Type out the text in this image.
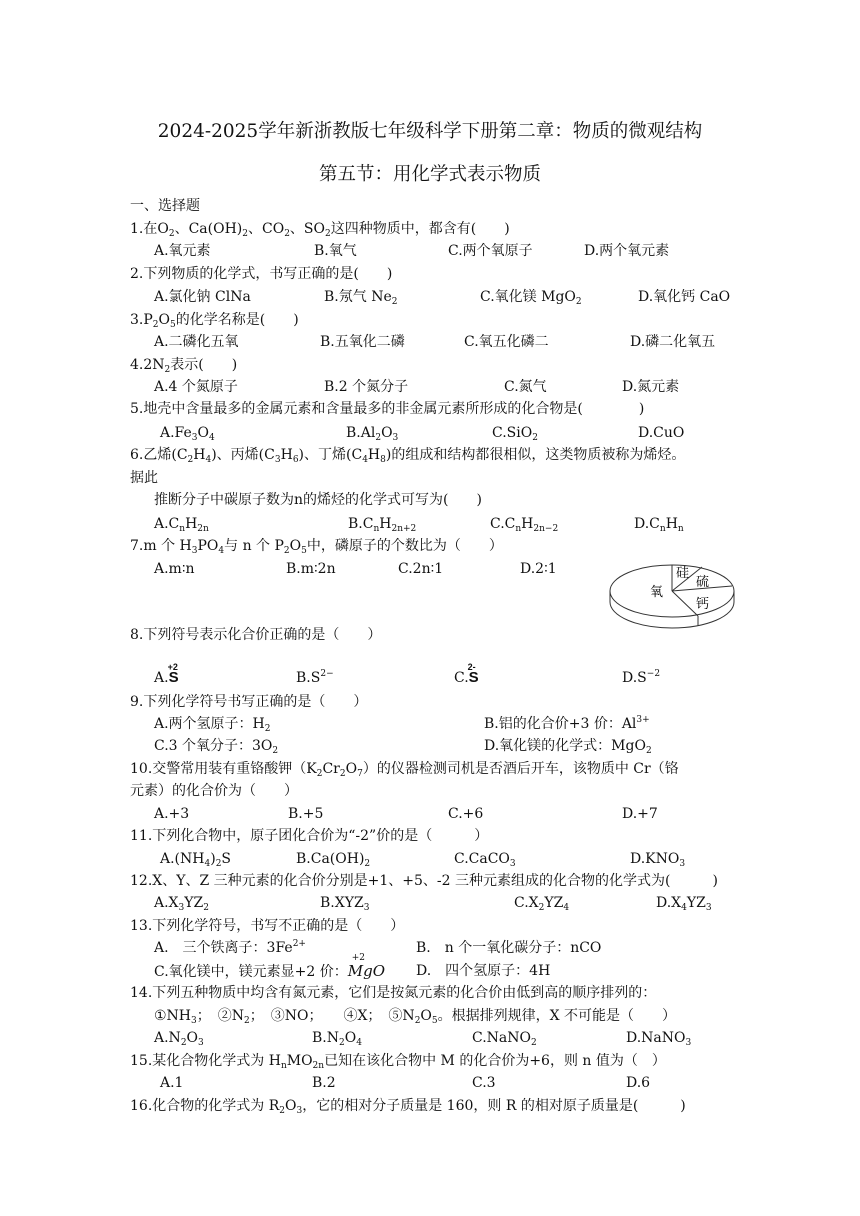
2024-2025学年新浙教版七年级科学下册第二章：物质的微观结构
第五节：用化学式表示物质
一、选择题
1.在$O_2$、$Ca(OH)_2$、$CO_2$、$SO_2$这四种物质中，都含有(　　)
A.氧元素	B.氧气	C.两个氧原子	D.两个氧元素
2.下列物质的化学式，书写正确的是(　　)
A.氯化钠 ClNa	B.氖气 $Ne_2$	C.氧化镁 MgO$_2$	D.氧化钙 CaO
$3.P_2O_5$的化学名称是(　　)
A.二磷化五氧	B.五氧化二磷	C.氧五化磷二	D.磷二化氧五
$4.2N_2$表示(　　)
A.4 个氮原子	B.2 个氮分子	C.氮气	D.氮元素
5.地壳中含量最多的金属元素和含量最多的非金属元素所形成的化合物是(　　　　)
$A.Fe_3O_4$	$B.Al_2O_3$	C.SiO$_2$	D.CuO
6.乙烯$(C_2H_4)$、丙烯$(C_3H_6)$、丁烯$(C_4H_8)$的组成和结构都很相似，这类物质被称为烯烃。
据此
推断分子中碳原子数为n的烯烃的化学式可写为(　　)
$A.C_nH_{2n}$	$B.C_nH_{2n+2}$	$C.C_nH_{2n-2}$	$D.C_nH_n$
7.m 个 $H_3PO_4$与 n 个 $P_2O_5$中，磷原子的个数比为（　　）
A.m∶n	B.m∶2n	C.2n∶1	D.2∶1
氧
硅
硫
钙
8.下列符号表示化合价正确的是（　　）
A.
+2
S	$B.S^{2-}$	C.
2-
S	$D.S^{-2}$
9.下列化学符号书写正确的是（　　）
A.两个氢原子：$H_2$	B.铝的化合价+3 价：$Al^{3+}$
C.3 个氧分子：$3O_2$	D.氧化镁的化学式：MgO$_2$
10.交警常用装有重铬酸钾$(K_2Cr_2O_7)$的仪器检测司机是否酒后开车，该物质中 Cr（铬
元素）的化合价为（　　）
A.+3	B.+5	C.+6	D.+7
11.下列化合物中，原子团化合价为“-2”价的是（　　　）
$A.(NH_4)_2S$	$B.Ca(OH)_2$	C.CaCO$_3$	$D.KNO_3$
12.X、Y、Z 三种元素的化合价分别是+1、+5、-2 三种元素组成的化合物的化学式为(　　　)
$A.X_3YZ_2$	$B.XYZ_3$	$C.X_2YZ_4$	$D.X_4YZ_3$
13.下列化学符号，书写不正确的是（　　）
A.　三个铁离子：$3Fe^{2+}$	B.　n 个一氧化碳分子：nCO
C.氧化镁中，镁元素显+2 价：
+2
MgO D.　四个氢原子：4H
14.下列五种物质中均含有氮元素，它们是按氮元素的化合价由低到高的顺序排列的：
$①NH_3$；　$②N_2$；　③NO；　　④X；　$⑤N_2O_5$。根据排列规律，X 不可能是（　　）
$A.N_2O_3$	$B.N_2O_4$	C.NaNO$_2$	D.NaNO$_3$
15.某化合物化学式为 $H_nMO_{2n}$已知在该化合物中 M 的化合价为+6，则 n 值为（　）
A.1	B.2	C.3	D.6
16.化合物的化学式为 $R_2O_3$，它的相对分子质量是 160，则 R 的相对原子质量是(　　　)
